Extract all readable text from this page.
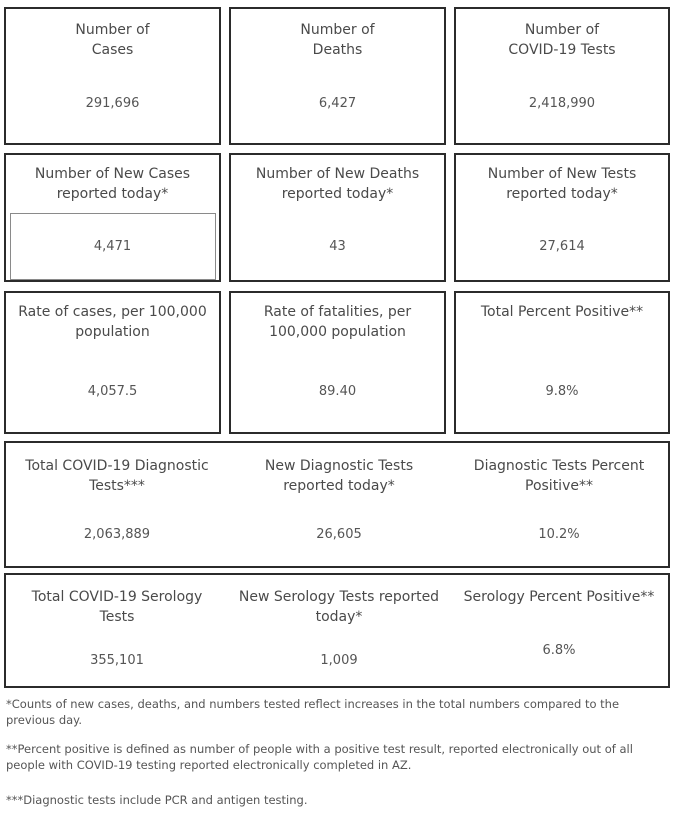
Number of
Cases
291,696
Number of
Deaths
6,427
Number of
COVID-19 Tests
2,418,990
Number of New Cases
reported today*
4,471
Number of New Deaths
reported today*
43
Number of New Tests
reported today*
27,614
Rate of cases, per 100,000
population
4,057.5
Rate of fatalities, per
100,000 population
89.40
Total Percent Positive**
9.8%
Total COVID-19 Diagnostic
Tests***
2,063,889
New Diagnostic Tests
reported today*
26,605
Diagnostic Tests Percent
Positive**
10.2%
Total COVID-19 Serology
Tests
355,101
New Serology Tests reported
today*
1,009
Serology Percent Positive**
6.8%
*Counts of new cases, deaths, and numbers tested reflect increases in the total numbers compared to the previous day.
**Percent positive is defined as number of people with a positive test result, reported electronically out of all people with COVID-19 testing reported electronically completed in AZ.
***Diagnostic tests include PCR and antigen testing.
